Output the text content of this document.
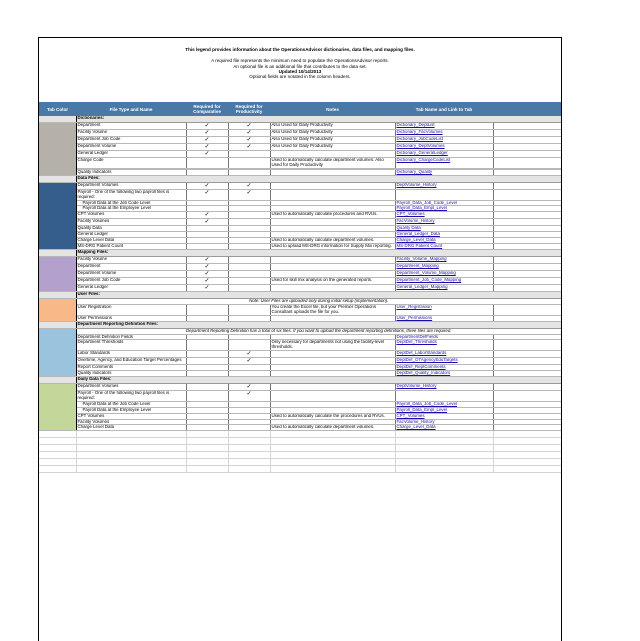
This legend provides information about the OperationsAdvisor dictionaries, data files, and mapping files.
A required file represents the minimum need to populate the OperationsAdvisor reports.
An optional file is an additional file that contributes to the data set.
Updated 10/14/2013
Optional fields are notated in the column headers.
Tab Color	File Type and Name	Required for Comparative	Required for Productivity	Notes	Tab Name and Link to Tab	
	Dictionaries:					
	Department	✓	✓	Also Used for Daily Productivity	Dictionary_DeptList	
	Facility Volume	✓	✓	Also Used for Daily Productivity	Dictionary_FacVolumes	
	Department Job Code	✓	✓	Also Used for Daily Productivity	Dictionary_JobCodeList	
	Department Volume	✓	✓	Also Used for Daily Productivity	Dictionary_DeptVolumes	
	General Ledger	✓			Dictionary_GeneralLedger	
	Charge Code			Used to automatically calculate department volumes. Also Used for Daily Productivity	Dictionary_ChargeCodeList	

	Quality Indicators				Dictionary_Quality	
	Data Files:					
	Department Volumes	✓	✓		DeptVolume_History	
	Payroll - One of the following two payroll files is required:	✓	✓			
	Payroll Data at the Job Code Level				Payroll_Data_Job_Code_Level	
	Payroll Data at the Employee Level				Payroll_Data_Empl_Level	
	CPT Volumes	✓		Used to automatically calculate procedures and RVUs.	CPT_Volumes	
	Facility Volumes	✓			FacVolume_History	
	Quality Data				Quality Data	
	General Ledger				General_Ledger_Data	
	Charge Level Data			Used to automatically calculate department volumes.	Charge_Level_Data	
	MS-DRG Patient Count			Used to upload MS-DRG information for Supply Mix reporting.	MS-DRG Patient Count	
	Mapping Files:					
	Facility Volume	✓			Facility_Volume_Mapping	
	Department	✓			Department_Mapping	
	Department Volume	✓			Department_Volume_Mapping	
	Department Job Code	✓		Used for skill mix analysis on the generated reports.	Department_Job_Code_Mapping	
	General Ledger	✓			General_Ledger_Mapping	
	User Files:					
	Note: User Files are uploaded only during initial setup (implementation).					
	User Registration			You create the Excel file, but your Premier Operations Consultant uploads the file for you.	User_Registration	
	User Permissions				User_Permissions	
	Department Reporting Definition Files:					
	Department Reporting Definition has a total of six files. If you want to upload the department reporting definitions, three files are required.					
	Department Definition Fields				DepartmentDefFields	
	Department Thresholds			Only necessary for departments not using the facility-level thresholds.	DeptDef_Thresholds	
	Labor Standards		✓		DeptDef_LaborStandards	
	Overtime, Agency, and Education Target Percentages		✓		DeptDef_OTAgencyEduTargets	
	Report Comments				DeptDef_ReptComments	
	Quality Indicators				DeptDef_Quality_Indicators	
	Daily Data Files:					
	Department Volumes		✓		DeptVolume_History	
	Payroll - One of the following two payroll files is required:		✓			
	Payroll Data at the Job Code Level				Payroll_Data_Job_Code_Level	
	Payroll Data at the Employee Level				Payroll_Data_Empl_Level	
	CPT Volumes			Used to automatically calculate the procedures and RVUs.	CPT_Volumes	
	Facility Volumes				FacVolume_History	
	Charge Level Data			Used to automatically calculate department volumes.	Charge_Level_Data	
